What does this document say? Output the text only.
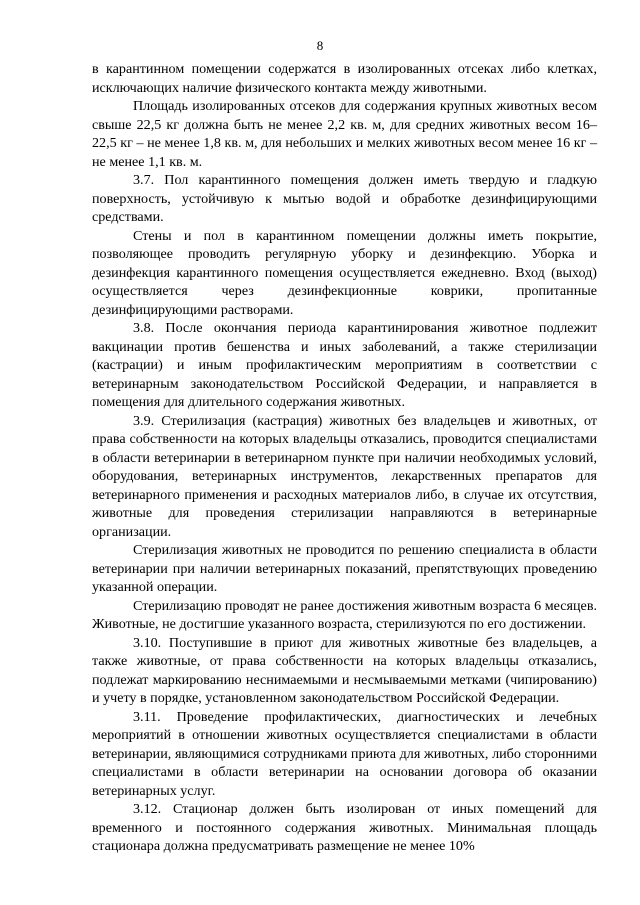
8

в карантинном помещении содержатся в изолированных отсеках либо клетках, исключающих наличие физического контакта между животными.

Площадь изолированных отсеков для содержания крупных животных весом свыше 22,5 кг должна быть не менее 2,2 кв. м, для средних животных весом 16–22,5 кг – не менее 1,8 кв. м, для небольших и мелких животных весом менее 16 кг – не менее 1,1 кв. м.

3.7. Пол карантинного помещения должен иметь твердую и гладкую поверхность, устойчивую к мытью водой и обработке дезинфицирующими средствами.

Стены и пол в карантинном помещении должны иметь покрытие, позволяющее проводить регулярную уборку и дезинфекцию. Уборка и дезинфекция карантинного помещения осуществляется ежедневно. Вход (выход) осуществляется через дезинфекционные коврики, пропитанные дезинфицирующими растворами.

3.8. После окончания периода карантинирования животное подлежит вакцинации против бешенства и иных заболеваний, а также стерилизации (кастрации) и иным профилактическим мероприятиям в соответствии с ветеринарным законодательством Российской Федерации, и направляется в помещения для длительного содержания животных.

3.9. Стерилизация (кастрация) животных без владельцев и животных, от права собственности на которых владельцы отказались, проводится специалистами в области ветеринарии в ветеринарном пункте при наличии необходимых условий, оборудования, ветеринарных инструментов, лекарственных препаратов для ветеринарного применения и расходных материалов либо, в случае их отсутствия, животные для проведения стерилизации направляются в ветеринарные организации.

Стерилизация животных не проводится по решению специалиста в области ветеринарии при наличии ветеринарных показаний, препятствующих проведению указанной операции.

Стерилизацию проводят не ранее достижения животным возраста 6 месяцев. Животные, не достигшие указанного возраста, стерилизуются по его достижении.

3.10. Поступившие в приют для животных животные без владельцев, а также животные, от права собственности на которых владельцы отказались, подлежат маркированию неснимаемыми и несмываемыми метками (чипированию) и учету в порядке, установленном законодательством Российской Федерации.

3.11. Проведение профилактических, диагностических и лечебных мероприятий в отношении животных осуществляется специалистами в области ветеринарии, являющимися сотрудниками приюта для животных, либо сторонними специалистами в области ветеринарии на основании договора об оказании ветеринарных услуг.

3.12. Стационар должен быть изолирован от иных помещений для временного и постоянного содержания животных. Минимальная площадь стационара должна предусматривать размещение не менее 10%
